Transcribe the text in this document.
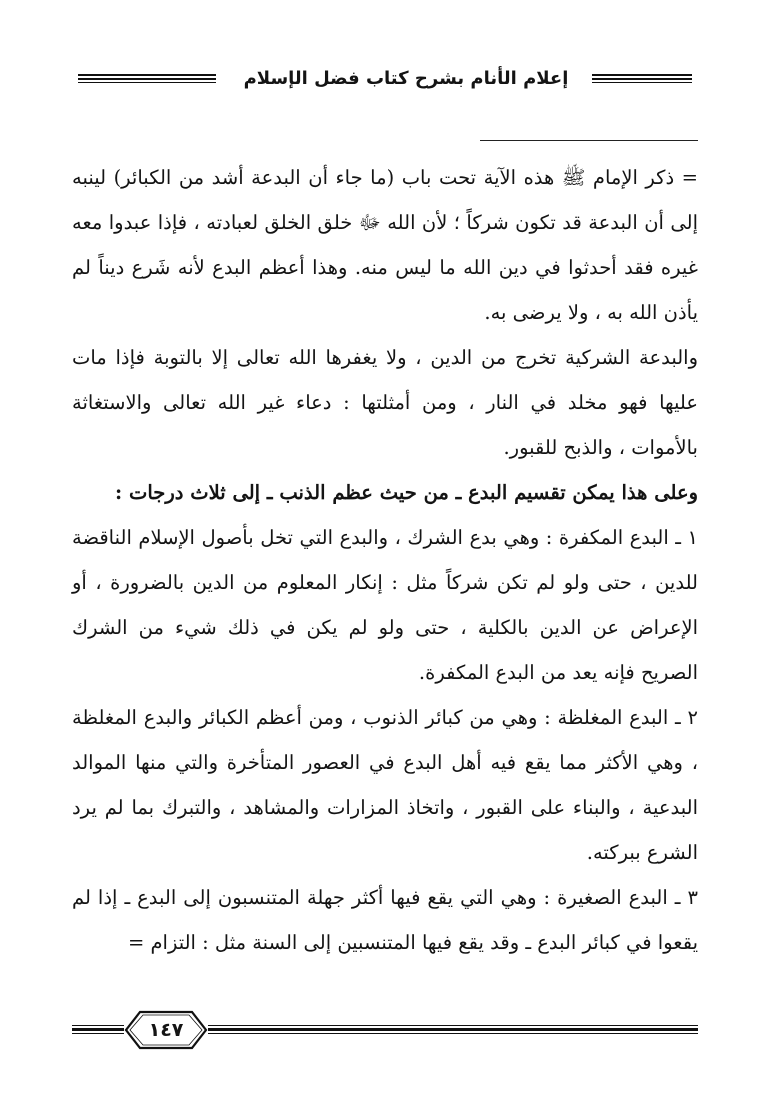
إعلام الأنام بشرح كتاب فضل الإسلام

= ذكر الإمام ﷺ هذه الآية تحت باب (ما جاء أن البدعة أشد من الكبائر) لينبه إلى أن البدعة قد تكون شركاً ؛ لأن الله ﷻ خلق الخلق لعبادته ، فإذا عبدوا معه غيره فقد أحدثوا في دين الله ما ليس منه. وهذا أعظم البدع لأنه شَرع ديناً لم يأذن الله به ، ولا يرضى به.

والبدعة الشركية تخرج من الدين ، ولا يغفرها الله تعالى إلا بالتوبة فإذا مات عليها فهو مخلد في النار ، ومن أمثلتها : دعاء غير الله تعالى والاستغاثة بالأموات ، والذبح للقبور.

وعلى هذا يمكن تقسيم البدع ـ من حيث عظم الذنب ـ إلى ثلاث درجات :

١ ـ البدع المكفرة : وهي بدع الشرك ، والبدع التي تخل بأصول الإسلام الناقضة للدين ، حتى ولو لم تكن شركاً مثل : إنكار المعلوم من الدين بالضرورة ، أو الإعراض عن الدين بالكلية ، حتى ولو لم يكن في ذلك شيء من الشرك الصريح فإنه يعد من البدع المكفرة.

٢ ـ البدع المغلظة : وهي من كبائر الذنوب ، ومن أعظم الكبائر والبدع المغلظة ، وهي الأكثر مما يقع فيه أهل البدع في العصور المتأخرة والتي منها الموالد البدعية ، والبناء على القبور ، واتخاذ المزارات والمشاهد ، والتبرك بما لم يرد الشرع ببركته.

٣ ـ البدع الصغيرة : وهي التي يقع فيها أكثر جهلة المتنسبون إلى البدع ـ إذا لم يقعوا في كبائر البدع ـ وقد يقع فيها المتنسبين إلى السنة مثل : التزام =

١٤٧
